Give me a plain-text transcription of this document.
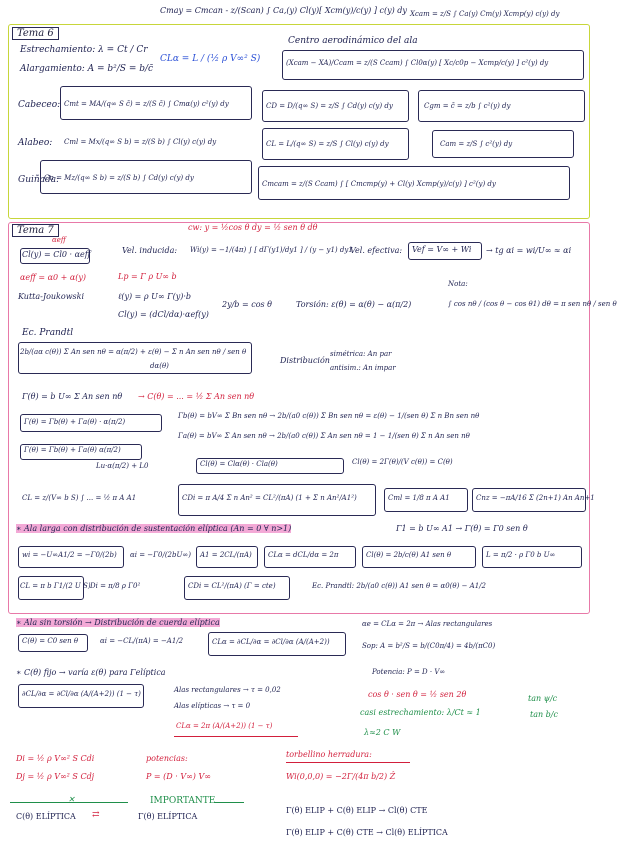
Cmay = Cmcan - z/(Scan) ∫ Ca,(y) Cl(y)[ Xcm(y)/c(y) ] c(y) dy Xcam = z/S ∫ Ca(y) Cm(y) Xcmp(y) c(y) dy
Tema 6
Estrechamiento: λ = Ct / Cr
Alargamiento: A = b²/S = b/c̄
CLα = L / (½ ρ V∞² S)
Centro aerodinámico del ala
(Xcam − XA)/Ccam = z/(S Ccam) ∫ Cl0α(y) [ Xc/c0p − Xcmp/c(y) ] c²(y) dy
Cabeceo: Cmt = MA/(q∞ S c̄) = z/(S c̄) ∫ Cmα(y) c²(y) dy	CD = D/(q∞ S) = z/S ∫ Cd(y) c(y) dy	Cgm = c̄ = z/b ∫ c²(y) dy
Alabeo: Cml = Mx/(q∞ S b) = z/(S b) ∫ Cl(y) c(y) dy	CL = L/(q∞ S) = z/S ∫ Cl(y) c(y) dy	Cam = z/S ∫ c²(y) dy
Guiñada:
Cn = Mz/(q∞ S b) = z/(S b) ∫ Cd(y) c(y) dy
Cmcam = z/(S Ccam) ∫ [ Cmcmp(y) + Cl(y) Xcmp(y)/c(y) ] c²(y) dy
Tema 7	cw: y = ½cos θ dy = ½ sen θ dθ
αeff
Cl(y) = Cl0 · αeff	Vel. inducida: Wi(y) = −1/(4π) ∫ [ dΓ(y1)/dy1 ] / (y − y1) dy1
Vel. efectiva: Vef = V∞ + Wi → tg αi = wi/U∞ ≈ αi
αeff = α0 + α(y)	Lp = Γ ρ U∞ b
Kutta-Joukowski	ℓ(y) = ρ U∞ Γ(y)·b
Cl(y) = (dCl/dα)·αef(y)
2y/b = cos θ	Torsión: ε(θ) = α(θ) − α(π/2)
Nota:
∫ cos nθ / (cos θ − cos θ1) dθ = π sen nθ / sen θ
Ec. Prandtl
2b/(aα c(θ)) Σ An sen nθ = α(π/2) + ε(θ) − Σ n An sen nθ / sen θ
dα(θ)
Distribución
simétrica: An par
antisim.: An impar
Γ(θ) = b U∞ Σ An sen nθ → C(θ) = ... = ½ Σ An sen nθ
Γ(θ) = Γb(θ) + Γa(θ) · α(π/2)
Γb(θ) = bV∞ Σ Bn sen nθ → 2b/(a0 c(θ)) Σ Bn sen nθ = ε(θ) − 1/(sen θ) Σ n Bn sen nθ
Γa(θ) = bV∞ Σ An sen nθ → 2b/(a0 c(θ)) Σ An sen nθ = 1 − 1/(sen θ) Σ n An sen nθ
Γ(θ) = Γb(θ) + Γa(θ) α(π/2)
Lu·α(π/2) + L0	Cl(θ) = Clα(θ) · Cla(θ)	Cl(θ) = 2Γ(θ)/(V c(θ)) = C(θ)
CL = z/(V∞ b S) ∫ ... = ½ π A A1	CDi = π A/4 Σ n An² = CL²/(πA) (1 + Σ n An²/A1²)	Cml = 1/8 π A A1	Cnz = −πA/16 Σ (2n+1) An An+1
∗ Ala larga con distribución de sustentación elíptica (An = 0 ∀ n>1)	Γ1 = b U∞ A1 → Γ(θ) = Γ0 sen θ
wi = −U∞A1/2 = −Γ0/(2b) αi = −Γ0/(2bU∞) A1 = 2CL/(πA) CLα = dCL/dα = 2π	Cl(θ) = 2b/c(θ) A1 sen θ	L = π/2 · ρ Γ0 b U∞
CL = π b Γ1/(2 U S) Di = π/8 ρ Γ0²	CDi = CL²/(πA) (Γ = cte)	Ec. Prandtl: 2b/(a0 c(θ)) A1 sen θ = α0(θ) − A1/2
∗ Ala sin torsión → Distribución de cuerda elíptica	αe = CLα = 2π → Alas rectangulares
C(θ) = C0 sen θ	αi = −CL/(πA) = −A1/2	CLα = ∂CL/∂α = ∂Cl/∂α (A/(A+2))	Sop: A = b²/S = b/(C0π/4) = 4b/(πC0)
∗ C(θ) fijo → varía ε(θ) para Γelíptica	Potencia: P = D · V∞
∂CL/∂α = ∂Cl/∂α (A/(A+2)) (1 − τ)	Alas rectangulares → τ = 0,02
Alas elípticas → τ = 0
CLα = 2π (A/(A+2)) (1 − τ)
cos θ · sen θ = ½ sen 2θ
casi estrechamiento: λ/Ct ≈ 1
tan ψ/c
tan b/c
λ≈2 C W
Di = ½ ρ V∞² S Cdi
Dj = ½ ρ V∞² S Cdj
potencias:
P = (D · V∞) V∞
torbellino herradura:
Wi(0,0,0) = −2Γ/(4π b/2) Ẑ
✕	IMPORTANTE
C(θ) ELÍPTICA ⇄	Γ(θ) ELÍPTICA
Γ(θ) ELIP + C(θ) ELIP → Cl(θ) CTE
Γ(θ) ELIP + C(θ) CTE → Cl(θ) ELÍPTICA
